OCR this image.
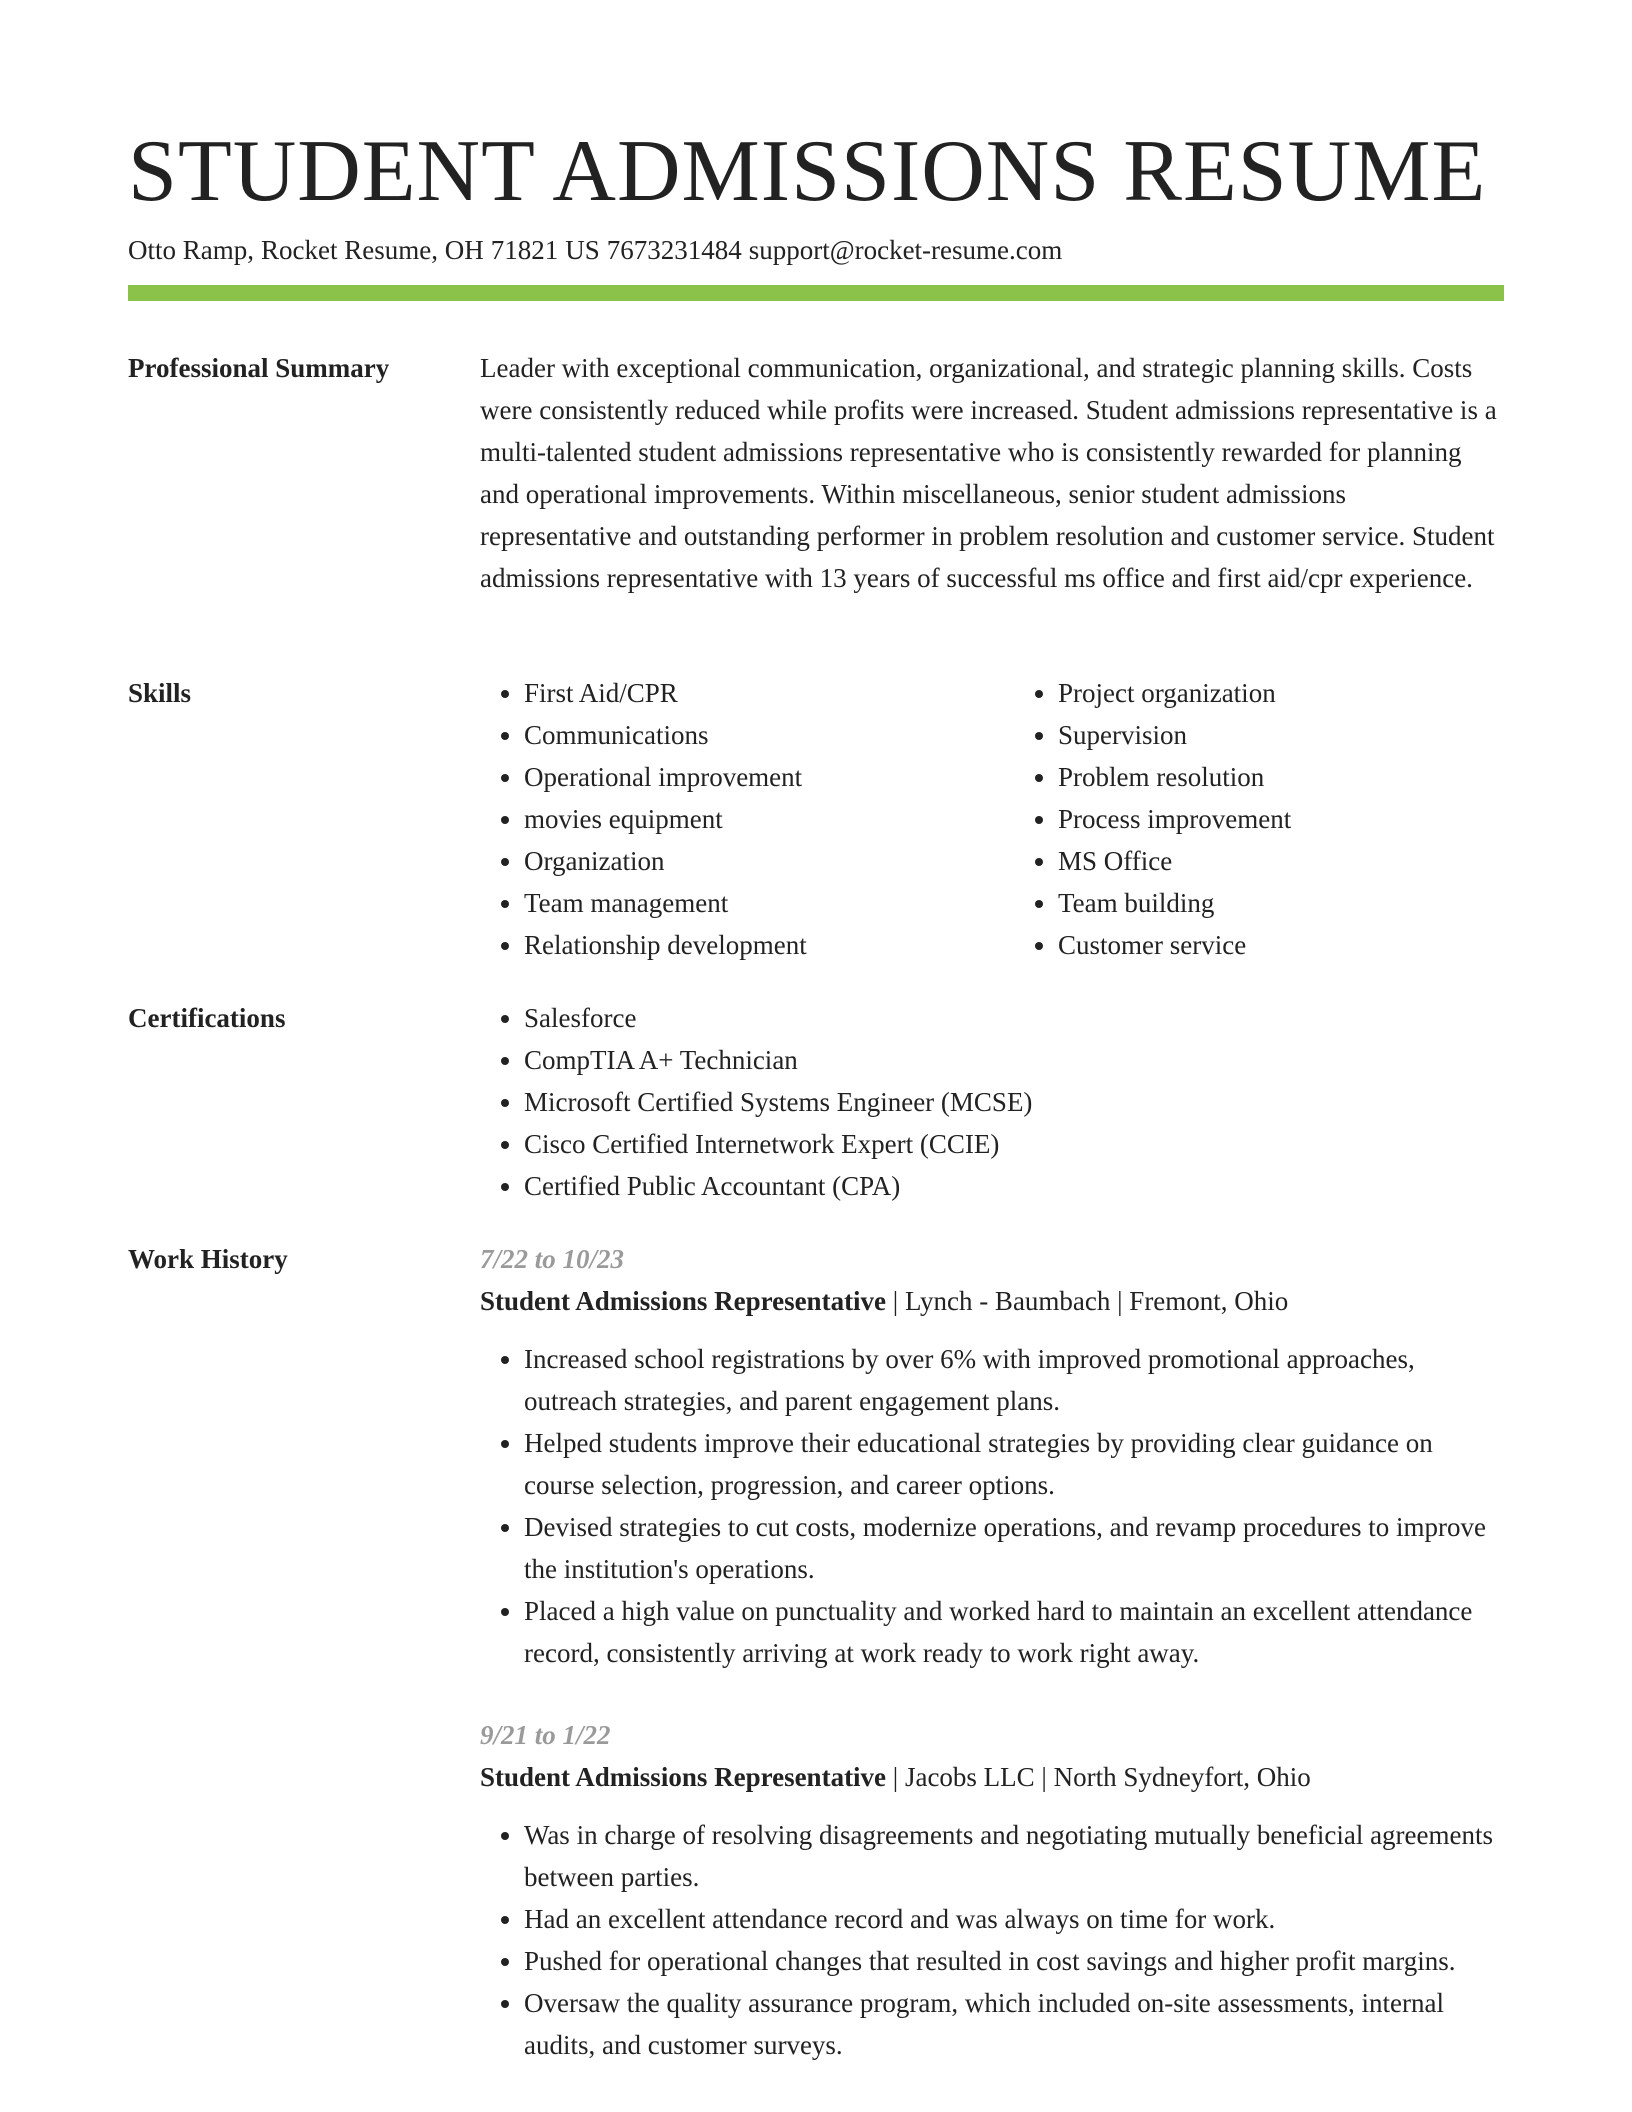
STUDENT ADMISSIONS RESUME
Otto Ramp, Rocket Resume, OH 71821 US 7673231484 support@rocket-resume.com
Professional Summary	Leader with exceptional communication, organizational, and strategic planning skills. Costs were consistently reduced while profits were increased. Student admissions representative is a multi-talented student admissions representative who is consistently rewarded for planning and operational improvements. Within miscellaneous, senior student admissions representative and outstanding performer in problem resolution and customer service. Student admissions representative with 13 years of successful ms office and first aid/cpr experience.

Skills	• First Aid/CPR
• Communications
• Operational improvement
• movies equipment
• Organization
• Team management
• Relationship development
• Project organization
• Supervision
• Problem resolution
• Process improvement
• MS Office
• Team building
• Customer service
Certifications	• Salesforce
• CompTIA A+ Technician
• Microsoft Certified Systems Engineer (MCSE)
• Cisco Certified Internetwork Expert (CCIE)
• Certified Public Accountant (CPA)
Work History	7/22 to 10/23
Student Admissions Representative | Lynch - Baumbach | Fremont, Ohio
• Increased school registrations by over 6% with improved promotional approaches, outreach strategies, and parent engagement plans.
• Helped students improve their educational strategies by providing clear guidance on course selection, progression, and career options.
• Devised strategies to cut costs, modernize operations, and revamp procedures to improve the institution's operations.
• Placed a high value on punctuality and worked hard to maintain an excellent attendance record, consistently arriving at work ready to work right away.
9/21 to 1/22
Student Admissions Representative | Jacobs LLC | North Sydneyfort, Ohio
• Was in charge of resolving disagreements and negotiating mutually beneficial agreements between parties.
• Had an excellent attendance record and was always on time for work.
• Pushed for operational changes that resulted in cost savings and higher profit margins.
• Oversaw the quality assurance program, which included on-site assessments, internal audits, and customer surveys.
